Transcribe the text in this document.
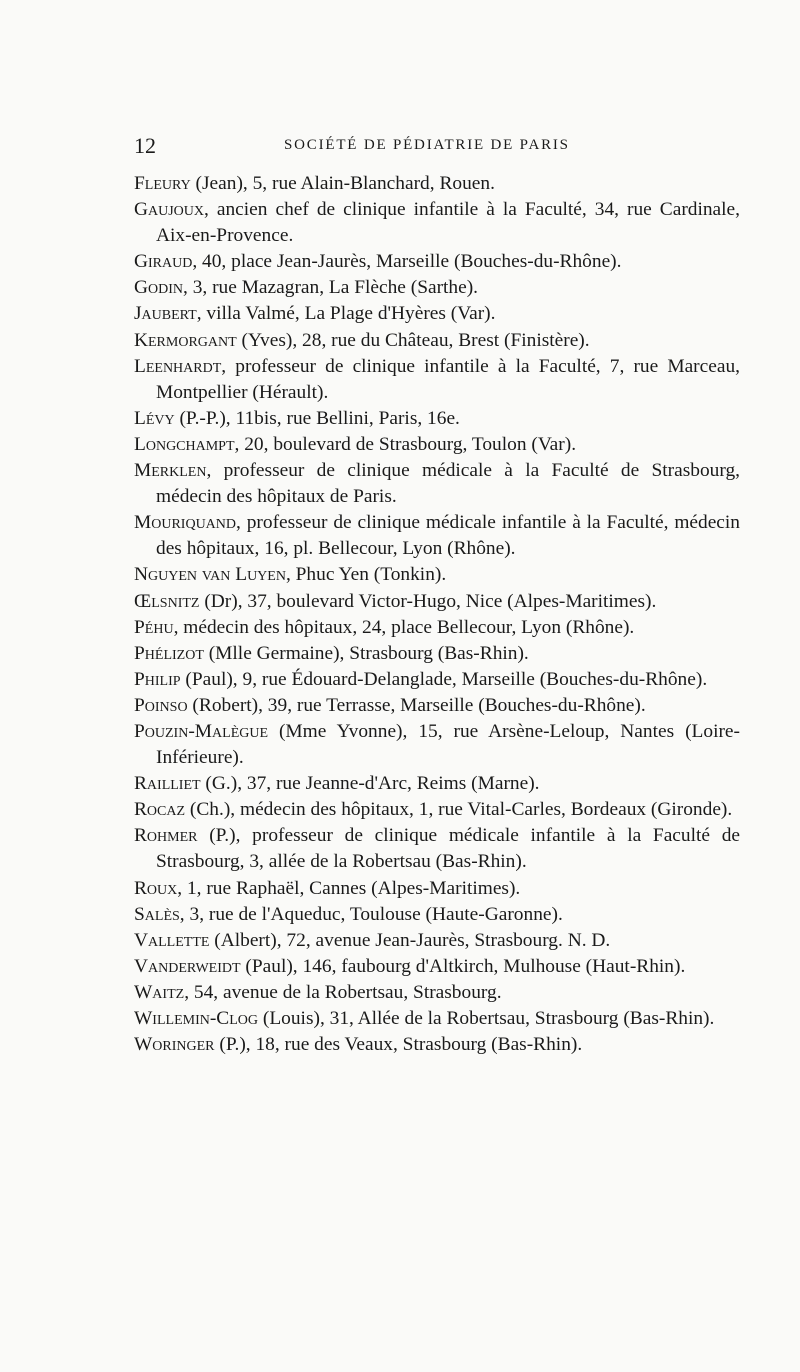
12	SOCIÉTÉ DE PÉDIATRIE DE PARIS

Fleury (Jean), 5, rue Alain-Blanchard, Rouen.

Gaujoux, ancien chef de clinique infantile à la Faculté, 34, rue Cardinale, Aix-en-Provence.

Giraud, 40, place Jean-Jaurès, Marseille (Bouches-du-Rhône).

Godin, 3, rue Mazagran, La Flèche (Sarthe).

Jaubert, villa Valmé, La Plage d'Hyères (Var).

Kermorgant (Yves), 28, rue du Château, Brest (Finistère).

Leenhardt, professeur de clinique infantile à la Faculté, 7, rue Marceau, Montpellier (Hérault).

Lévy (P.-P.), 11bis, rue Bellini, Paris, 16e.

Longchampt, 20, boulevard de Strasbourg, Toulon (Var).

Merklen, professeur de clinique médicale à la Faculté de Strasbourg, médecin des hôpitaux de Paris.

Mouriquand, professeur de clinique médicale infantile à la Faculté, médecin des hôpitaux, 16, pl. Bellecour, Lyon (Rhône).

Nguyen van Luyen, Phuc Yen (Tonkin).

Œlsnitz (Dr), 37, boulevard Victor-Hugo, Nice (Alpes-Maritimes).

Péhu, médecin des hôpitaux, 24, place Bellecour, Lyon (Rhône).

Phélizot (Mlle Germaine), Strasbourg (Bas-Rhin).

Philip (Paul), 9, rue Édouard-Delanglade, Marseille (Bouches-du-Rhône).

Poinso (Robert), 39, rue Terrasse, Marseille (Bouches-du-Rhône).

Pouzin-Malègue (Mme Yvonne), 15, rue Arsène-Leloup, Nantes (Loire-Inférieure).

Railliet (G.), 37, rue Jeanne-d'Arc, Reims (Marne).

Rocaz (Ch.), médecin des hôpitaux, 1, rue Vital-Carles, Bordeaux (Gironde).

Rohmer (P.), professeur de clinique médicale infantile à la Faculté de Strasbourg, 3, allée de la Robertsau (Bas-Rhin).

Roux, 1, rue Raphaël, Cannes (Alpes-Maritimes).

Salès, 3, rue de l'Aqueduc, Toulouse (Haute-Garonne).

Vallette (Albert), 72, avenue Jean-Jaurès, Strasbourg. N. D.

Vanderweidt (Paul), 146, faubourg d'Altkirch, Mulhouse (Haut-Rhin).

Waitz, 54, avenue de la Robertsau, Strasbourg.

Willemin-Clog (Louis), 31, Allée de la Robertsau, Strasbourg (Bas-Rhin).

Woringer (P.), 18, rue des Veaux, Strasbourg (Bas-Rhin).
